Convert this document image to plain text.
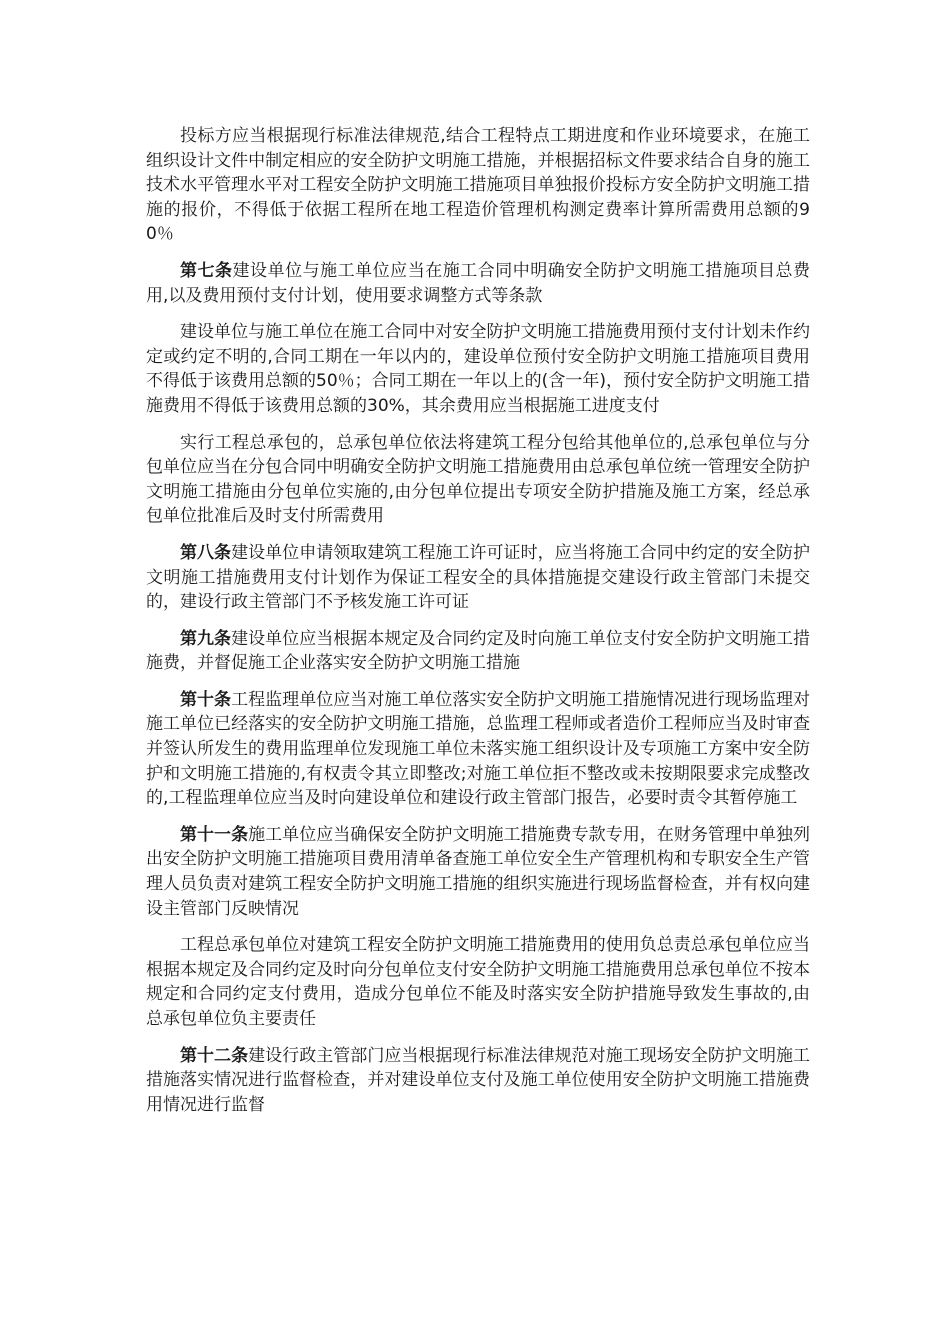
投标方应当根据现行标准法律规范,结合工程特点工期进度和作业环境要求，在施工组织设计文件中制定相应的安全防护文明施工措施，并根据招标文件要求结合自身的施工技术水平管理水平对工程安全防护文明施工措施项目单独报价投标方安全防护文明施工措施的报价，不得低于依据工程所在地工程造价管理机构测定费率计算所需费用总额的90％

第七条建设单位与施工单位应当在施工合同中明确安全防护文明施工措施项目总费用,以及费用预付支付计划，使用要求调整方式等条款

建设单位与施工单位在施工合同中对安全防护文明施工措施费用预付支付计划未作约定或约定不明的,合同工期在一年以内的，建设单位预付安全防护文明施工措施项目费用不得低于该费用总额的50％；合同工期在一年以上的(含一年)，预付安全防护文明施工措施费用不得低于该费用总额的30%，其余费用应当根据施工进度支付

实行工程总承包的，总承包单位依法将建筑工程分包给其他单位的,总承包单位与分包单位应当在分包合同中明确安全防护文明施工措施费用由总承包单位统一管理安全防护文明施工措施由分包单位实施的,由分包单位提出专项安全防护措施及施工方案，经总承包单位批准后及时支付所需费用

第八条建设单位申请领取建筑工程施工许可证时，应当将施工合同中约定的安全防护文明施工措施费用支付计划作为保证工程安全的具体措施提交建设行政主管部门未提交的，建设行政主管部门不予核发施工许可证

第九条建设单位应当根据本规定及合同约定及时向施工单位支付安全防护文明施工措施费，并督促施工企业落实安全防护文明施工措施

第十条工程监理单位应当对施工单位落实安全防护文明施工措施情况进行现场监理对施工单位已经落实的安全防护文明施工措施，总监理工程师或者造价工程师应当及时审查并签认所发生的费用监理单位发现施工单位未落实施工组织设计及专项施工方案中安全防护和文明施工措施的,有权责令其立即整改;对施工单位拒不整改或未按期限要求完成整改的,工程监理单位应当及时向建设单位和建设行政主管部门报告，必要时责令其暂停施工

第十一条施工单位应当确保安全防护文明施工措施费专款专用，在财务管理中单独列出安全防护文明施工措施项目费用清单备查施工单位安全生产管理机构和专职安全生产管理人员负责对建筑工程安全防护文明施工措施的组织实施进行现场监督检查，并有权向建设主管部门反映情况

工程总承包单位对建筑工程安全防护文明施工措施费用的使用负总责总承包单位应当根据本规定及合同约定及时向分包单位支付安全防护文明施工措施费用总承包单位不按本规定和合同约定支付费用，造成分包单位不能及时落实安全防护措施导致发生事故的,由总承包单位负主要责任

第十二条建设行政主管部门应当根据现行标准法律规范对施工现场安全防护文明施工措施落实情况进行监督检查，并对建设单位支付及施工单位使用安全防护文明施工措施费用情况进行监督
